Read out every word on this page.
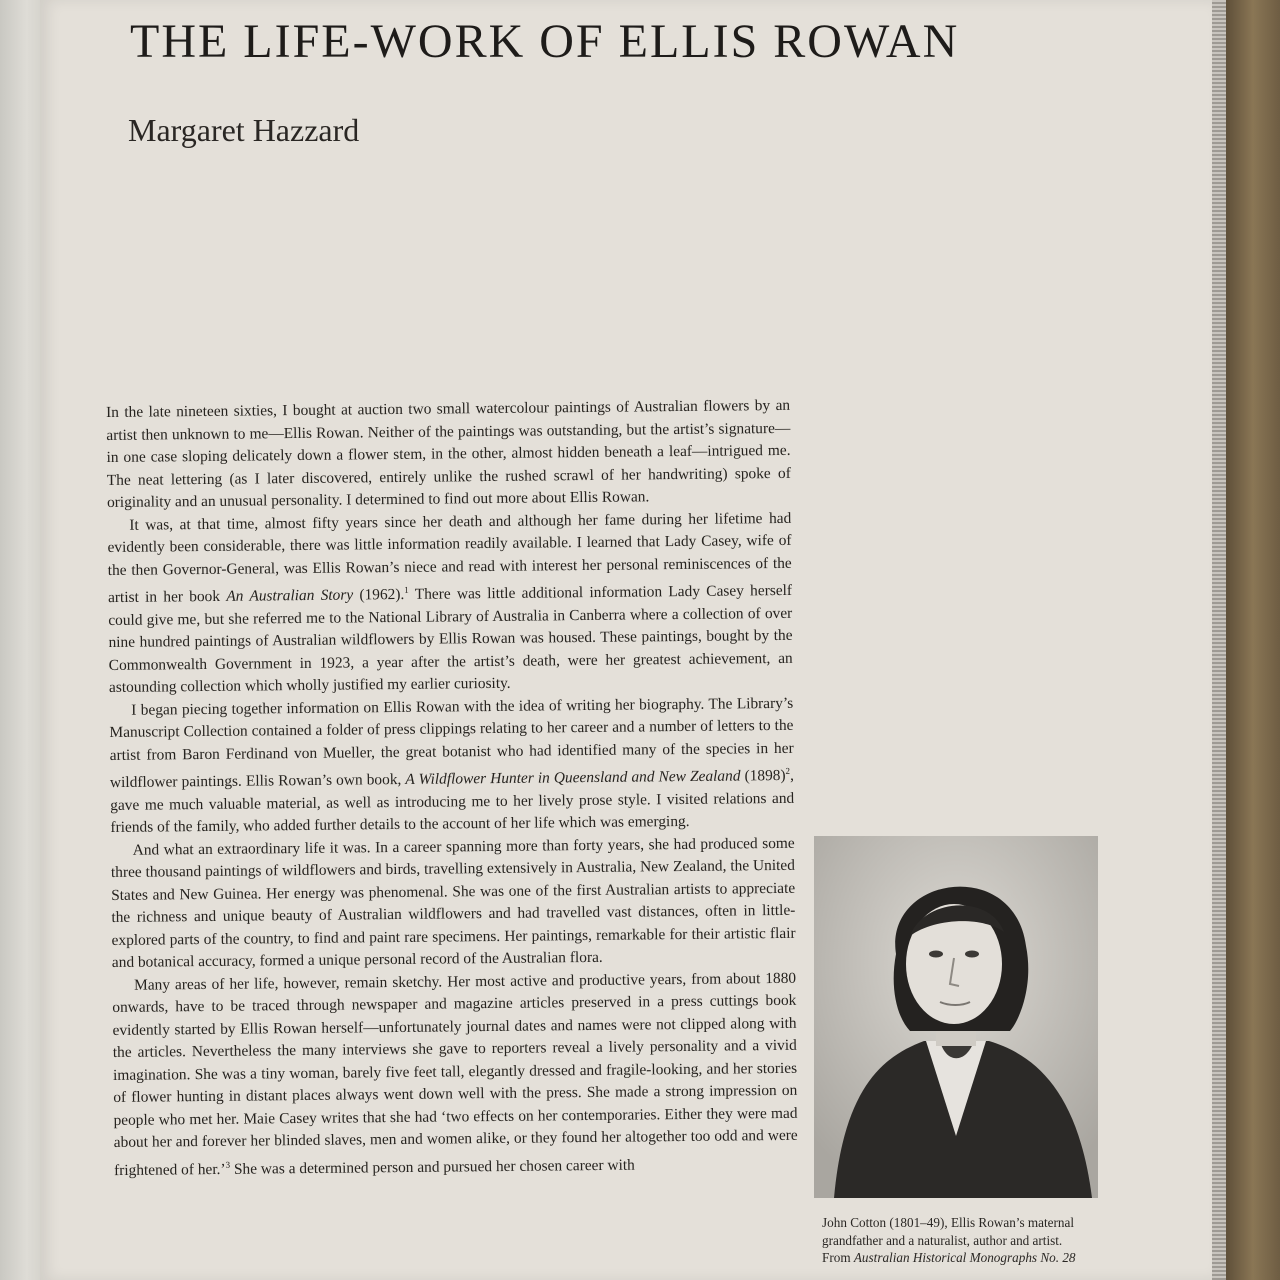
THE LIFE-WORK OF ELLIS ROWAN
Margaret Hazzard

In the late nineteen sixties, I bought at auction two small watercolour paintings of Australian flowers by an artist then unknown to me—Ellis Rowan. Neither of the paintings was outstanding, but the artist’s signature—in one case sloping delicately down a flower stem, in the other, almost hidden beneath a leaf—intrigued me. The neat lettering (as I later discovered, entirely unlike the rushed scrawl of her handwriting) spoke of originality and an unusual personality. I determined to find out more about Ellis Rowan.

It was, at that time, almost fifty years since her death and although her fame during her lifetime had evidently been considerable, there was little information readily available. I learned that Lady Casey, wife of the then Governor-General, was Ellis Rowan’s niece and read with interest her personal reminiscences of the artist in her book An Australian Story (1962).$^1$ There was little additional information Lady Casey herself could give me, but she referred me to the National Library of Australia in Canberra where a collection of over nine hundred paintings of Australian wildflowers by Ellis Rowan was housed. These paintings, bought by the Commonwealth Government in 1923, a year after the artist’s death, were her greatest achievement, an astounding collection which wholly justified my earlier curiosity.

I began piecing together information on Ellis Rowan with the idea of writing her biography. The Library’s Manuscript Collection contained a folder of press clippings relating to her career and a number of letters to the artist from Baron Ferdinand von Mueller, the great botanist who had identified many of the species in her wildflower paintings. Ellis Rowan’s own book, A Wildflower Hunter in Queensland and New Zealand $(1898)^2$, gave me much valuable material, as well as introducing me to her lively prose style. I visited relations and friends of the family, who added further details to the account of her life which was emerging.

And what an extraordinary life it was. In a career spanning more than forty years, she had produced some three thousand paintings of wildflowers and birds, travelling extensively in Australia, New Zealand, the United States and New Guinea. Her energy was phenomenal. She was one of the first Australian artists to appreciate the richness and unique beauty of Australian wildflowers and had travelled vast distances, often in little-explored parts of the country, to find and paint rare specimens. Her paintings, remarkable for their artistic flair and botanical accuracy, formed a unique personal record of the Australian flora.

Many areas of her life, however, remain sketchy. Her most active and productive years, from about 1880 onwards, have to be traced through newspaper and magazine articles preserved in a press cuttings book evidently started by Ellis Rowan herself—unfortunately journal dates and names were not clipped along with the articles. Nevertheless the many interviews she gave to reporters reveal a lively personality and a vivid imagination. She was a tiny woman, barely five feet tall, elegantly dressed and fragile-looking, and her stories of flower hunting in distant places always went down well with the press. She made a strong impression on people who met her. Maie Casey writes that she had ‘two effects on her contemporaries. Either they were mad about her and forever her blinded slaves, men and women alike, or they found her altogether too odd and were frightened of her.’$^3$ She was a determined person and pursued her chosen career with

John Cotton (1801–49), Ellis Rowan’s maternal grandfather and a naturalist, author and artist.
From Australian Historical Monographs No. 28
